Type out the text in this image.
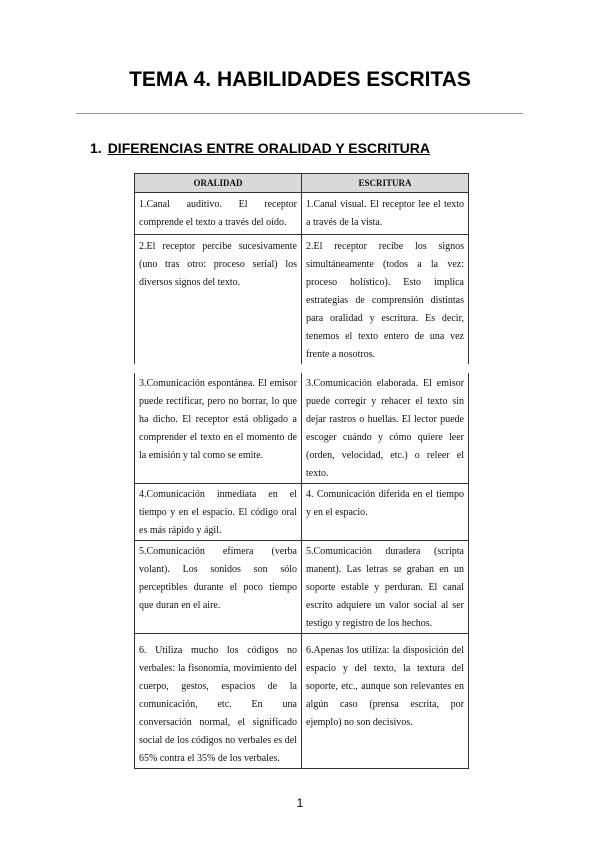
TEMA 4. HABILIDADES ESCRITAS
1. DIFERENCIAS ENTRE ORALIDAD Y ESCRITURA
ORALIDAD	ESCRITURA
1.Canal auditivo. El receptor comprende el texto a través del oído.	1.Canal visual. El receptor lee el texto a través de la vista.
2.El receptor percibe sucesivamente (uno tras otro: proceso serial) los diversos signos del texto.	2.El receptor recibe los signos simultáneamente (todos a la vez: proceso holístico). Esto implica estrategias de comprensión distintas para oralidad y escritura. Es decir, tenemos el texto entero de una vez frente a nosotros.
3.Comunicación espontánea. El emisor puede rectificar, pero no borrar, lo que ha dicho. El receptor está obligado a comprender el texto en el momento de la emisión y tal como se emite.	3.Comunicación elaborada. El emisor puede corregir y rehacer el texto sin dejar rastros o huellas. El lector puede escoger cuándo y cómo quiere leer (orden, velocidad, etc.) o releer el texto.
4.Comunicación inmediata en el tiempo y en el espacio. El código oral es más rápido y ágil.	4. Comunicación diferida en el tiempo y en el espacio.
5.Comunicación efímera (verba volant). Los sonidos son sólo perceptibles durante el poco tiempo que duran en el aire.	5.Comunicación duradera (scripta manent). Las letras se graban en un soporte estable y perduran. El canal escrito adquiere un valor social al ser testigo y registro de los hechos.
6. Utiliza mucho los códigos no verbales: la fisonomía, movimiento del cuerpo, gestos, espacios de la comunicación, etc. En una conversación normal, el significado social de los códigos no verbales es del 65% contra el 35% de los verbales.	6.Apenas los utiliza: la disposición del espacio y del texto, la textura del soporte, etc., aunque son relevantes en algún caso (prensa escrita, por ejemplo) no son decisivos.
1
